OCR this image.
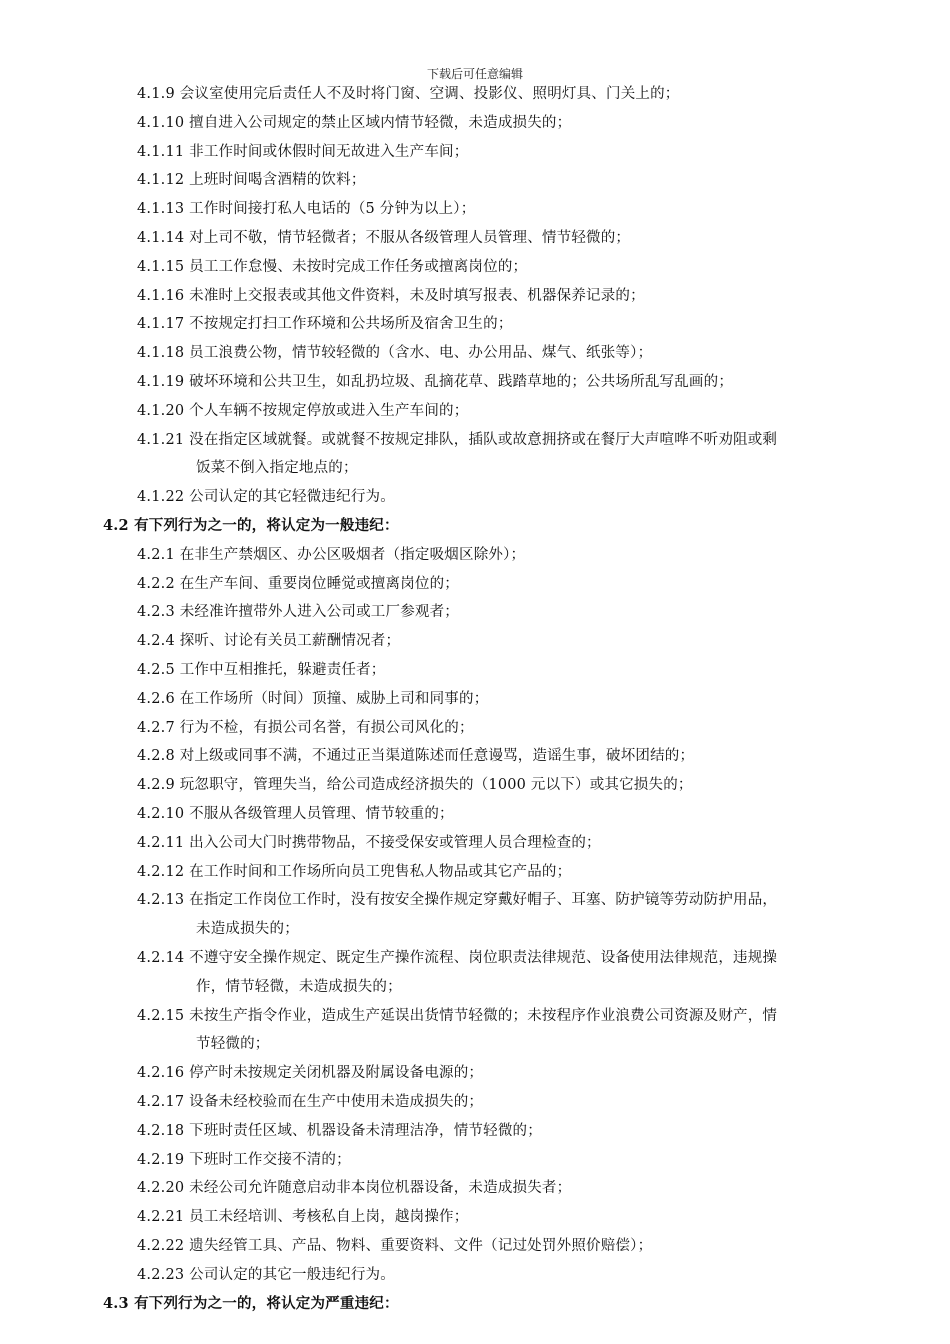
下载后可任意编辑
4.1.9 会议室使用完后责任人不及时将门窗、空调、投影仪、照明灯具、门关上的；
4.1.10 擅自进入公司规定的禁止区域内情节轻微，未造成损失的；
4.1.11 非工作时间或休假时间无故进入生产车间；
4.1.12 上班时间喝含酒精的饮料；
4.1.13 工作时间接打私人电话的（5 分钟为以上）；
4.1.14 对上司不敬，情节轻微者；不服从各级管理人员管理、情节轻微的；
4.1.15 员工工作怠慢、未按时完成工作任务或擅离岗位的；
4.1.16 未准时上交报表或其他文件资料，未及时填写报表、机器保养记录的；
4.1.17 不按规定打扫工作环境和公共场所及宿舍卫生的；
4.1.18 员工浪费公物，情节较轻微的（含水、电、办公用品、煤气、纸张等）；
4.1.19 破坏环境和公共卫生，如乱扔垃圾、乱摘花草、践踏草地的；公共场所乱写乱画的；
4.1.20 个人车辆不按规定停放或进入生产车间的；
4.1.21 没在指定区域就餐。或就餐不按规定排队，插队或故意拥挤或在餐厅大声喧哗不听劝阻或剩
饭菜不倒入指定地点的；
4.1.22 公司认定的其它轻微违纪行为。
4.2 有下列行为之一的，将认定为一般违纪：
4.2.1 在非生产禁烟区、办公区吸烟者（指定吸烟区除外）；
4.2.2 在生产车间、重要岗位睡觉或擅离岗位的；
4.2.3 未经准许擅带外人进入公司或工厂参观者；
4.2.4 探听、讨论有关员工薪酬情况者；
4.2.5 工作中互相推托，躲避责任者；
4.2.6 在工作场所（时间）顶撞、威胁上司和同事的；
4.2.7 行为不检，有损公司名誉，有损公司风化的；
4.2.8 对上级或同事不满，不通过正当渠道陈述而任意谩骂，造谣生事，破坏团结的；
4.2.9 玩忽职守，管理失当，给公司造成经济损失的（1000 元以下）或其它损失的；
4.2.10 不服从各级管理人员管理、情节较重的；
4.2.11 出入公司大门时携带物品，不接受保安或管理人员合理检查的；
4.2.12 在工作时间和工作场所向员工兜售私人物品或其它产品的；
4.2.13 在指定工作岗位工作时，没有按安全操作规定穿戴好帽子、耳塞、防护镜等劳动防护用品，
未造成损失的；
4.2.14 不遵守安全操作规定、既定生产操作流程、岗位职责法律规范、设备使用法律规范，违规操
作，情节轻微，未造成损失的；
4.2.15 未按生产指令作业，造成生产延误出货情节轻微的；未按程序作业浪费公司资源及财产，情
节轻微的；
4.2.16 停产时未按规定关闭机器及附属设备电源的；
4.2.17 设备未经校验而在生产中使用未造成损失的；
4.2.18 下班时责任区域、机器设备未清理洁净，情节轻微的；
4.2.19 下班时工作交接不清的；
4.2.20 未经公司允许随意启动非本岗位机器设备，未造成损失者；
4.2.21 员工未经培训、考核私自上岗，越岗操作；
4.2.22 遗失经管工具、产品、物料、重要资料、文件（记过处罚外照价赔偿）；
4.2.23 公司认定的其它一般违纪行为。
4.3 有下列行为之一的，将认定为严重违纪：
